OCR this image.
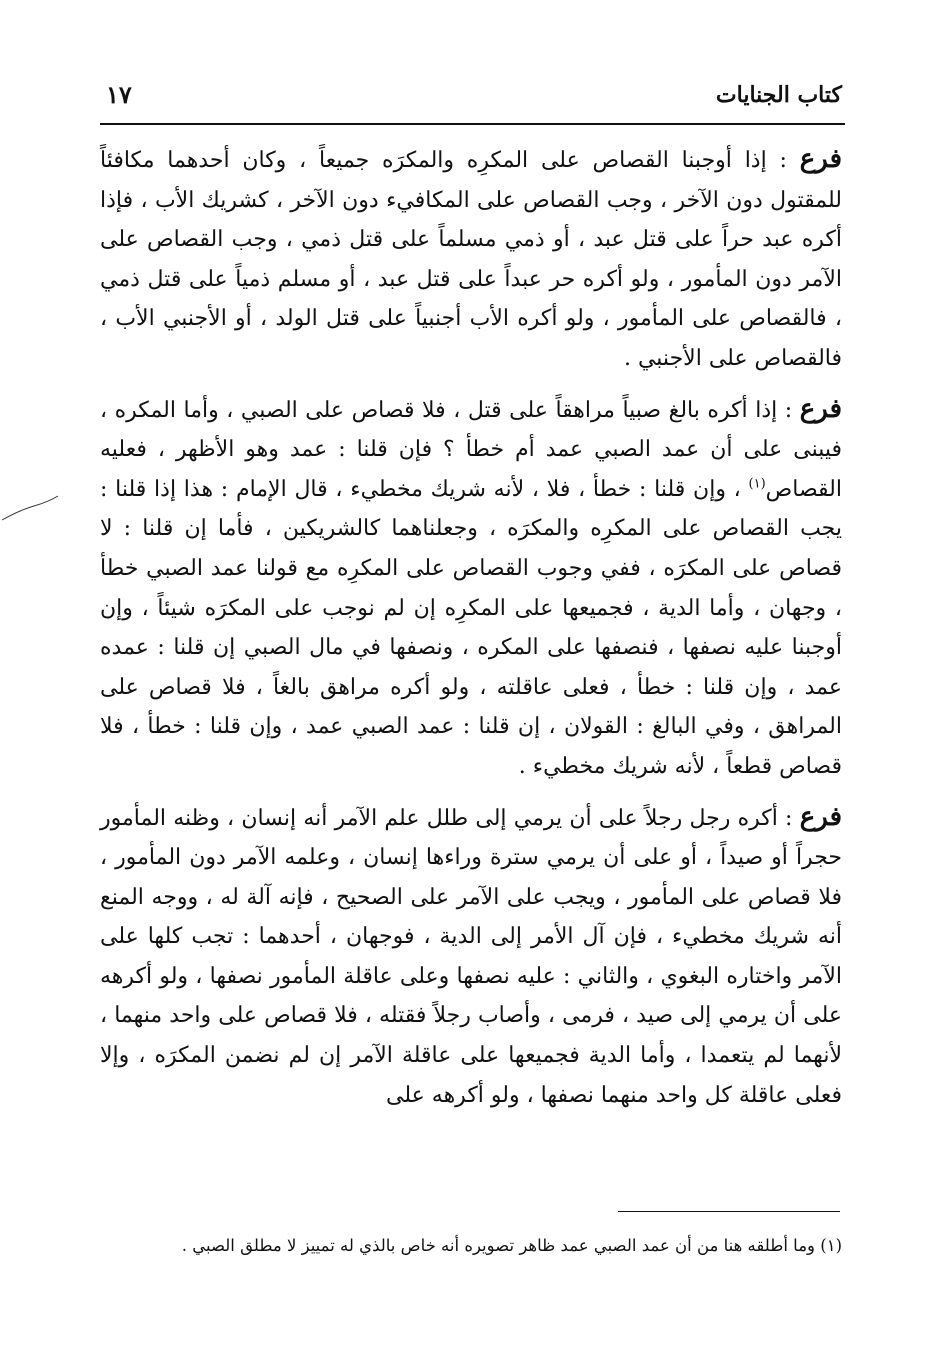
كتاب الجنايات
١٧

فرع : إذا أوجبنا القصاص على المكرِه والمكرَه جميعاً ، وكان أحدهما مكافئاً للمقتول دون الآخر ، وجب القصاص على المكافيء دون الآخر ، كشريك الأب ، فإذا أكره عبد حراً على قتل عبد ، أو ذمي مسلماً على قتل ذمي ، وجب القصاص على الآمر دون المأمور ، ولو أكره حر عبداً على قتل عبد ، أو مسلم ذمياً على قتل ذمي ، فالقصاص على المأمور ، ولو أكره الأب أجنبياً على قتل الولد ، أو الأجنبي الأب ، فالقصاص على الأجنبي .

فرع : إذا أكره بالغ صبياً مراهقاً على قتل ، فلا قصاص على الصبي ، وأما المكره ، فيبنى على أن عمد الصبي عمد أم خطأ ؟ فإن قلنا : عمد وهو الأظهر ، فعليه القصاص$^{(١)}$ ، وإن قلنا : خطأ ، فلا ، لأنه شريك مخطيء ، قال الإمام : هذا إذا قلنا : يجب القصاص على المكرِه والمكرَه ، وجعلناهما كالشريكين ، فأما إن قلنا : لا قصاص على المكرَه ، ففي وجوب القصاص على المكرِه مع قولنا عمد الصبي خطأ ، وجهان ، وأما الدية ، فجميعها على المكرِه إن لم نوجب على المكرَه شيئاً ، وإن أوجبنا عليه نصفها ، فنصفها على المكره ، ونصفها في مال الصبي إن قلنا : عمده عمد ، وإن قلنا : خطأ ، فعلى عاقلته ، ولو أكره مراهق بالغاً ، فلا قصاص على المراهق ، وفي البالغ : القولان ، إن قلنا : عمد الصبي عمد ، وإن قلنا : خطأ ، فلا قصاص قطعاً ، لأنه شريك مخطيء .

فرع : أكره رجل رجلاً على أن يرمي إلى طلل علم الآمر أنه إنسان ، وظنه المأمور حجراً أو صيداً ، أو على أن يرمي سترة وراءها إنسان ، وعلمه الآمر دون المأمور ، فلا قصاص على المأمور ، ويجب على الآمر على الصحيح ، فإنه آلة له ، ووجه المنع أنه شريك مخطيء ، فإن آل الأمر إلى الدية ، فوجهان ، أحدهما : تجب كلها على الآمر واختاره البغوي ، والثاني : عليه نصفها وعلى عاقلة المأمور نصفها ، ولو أكرهه على أن يرمي إلى صيد ، فرمى ، وأصاب رجلاً فقتله ، فلا قصاص على واحد منهما ، لأنهما لم يتعمدا ، وأما الدية فجميعها على عاقلة الآمر إن لم نضمن المكرَه ، وإلا فعلى عاقلة كل واحد منهما نصفها ، ولو أكرهه على

(١) وما أطلقه هنا من أن عمد الصبي عمد ظاهر تصويره أنه خاص بالذي له تمييز لا مطلق الصبي .
